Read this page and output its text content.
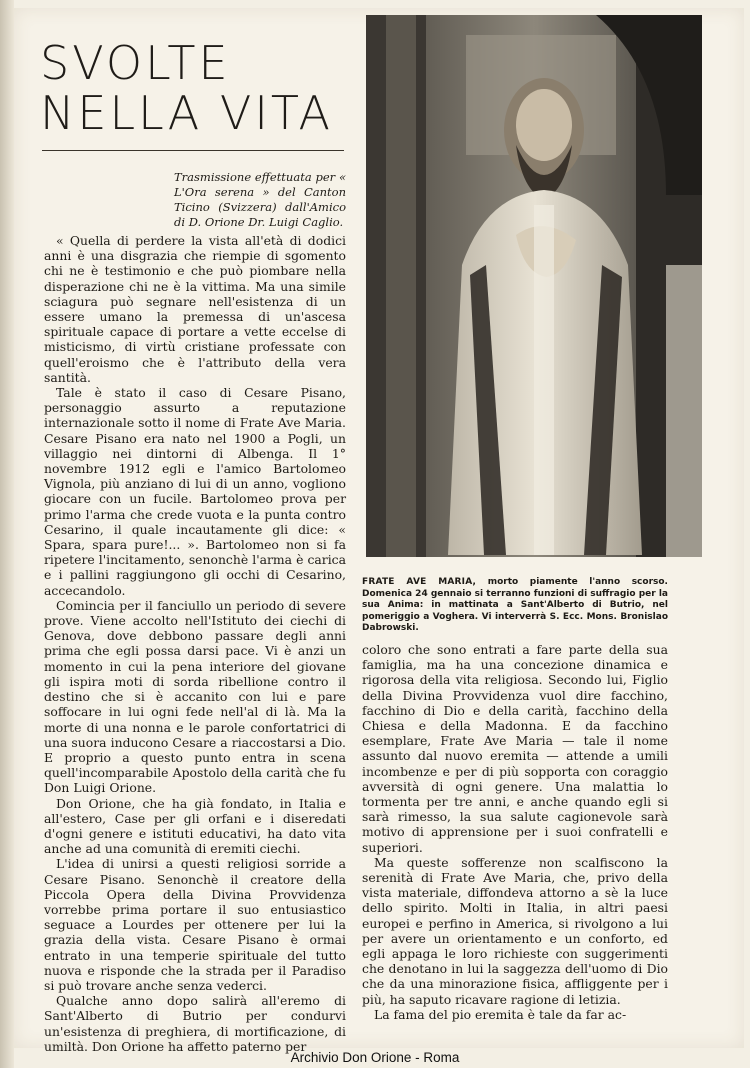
SVOLTE
NELLA VITA
Trasmissione effettuata per « L'Ora serena » del Canton Ticino (Svizzera) dall'Amico di D. Orione Dr. Luigi Caglio.

« Quella di perdere la vista all'età di dodici anni è una disgrazia che riempie di sgomento chi ne è testimonio e che può piombare nella disperazione chi ne è la vittima. Ma una simile sciagura può segnare nell'esistenza di un essere umano la premessa di un'ascesa spirituale capace di portare a vette eccelse di misticismo, di virtù cristiane professate con quell'eroismo che è l'attributo della vera santità.

Tale è stato il caso di Cesare Pisano, personaggio assurto a reputazione internazionale sotto il nome di Frate Ave Maria. Cesare Pisano era nato nel 1900 a Pogli, un villaggio nei dintorni di Albenga. Il 1° novembre 1912 egli e l'amico Bartolomeo Vignola, più anziano di lui di un anno, vogliono giocare con un fucile. Bartolomeo prova per primo l'arma che crede vuota e la punta contro Cesarino, il quale incautamente gli dice: « Spara, spara pure!... ». Bartolomeo non si fa ripetere l'incitamento, senonchè l'arma è carica e i pallini raggiungono gli occhi di Cesarino, accecandolo.

Comincia per il fanciullo un periodo di severe prove. Viene accolto nell'Istituto dei ciechi di Genova, dove debbono passare degli anni prima che egli possa darsi pace. Vi è anzi un momento in cui la pena interiore del giovane gli ispira moti di sorda ribellione contro il destino che si è accanito con lui e pare soffocare in lui ogni fede nell'al di là. Ma la morte di una nonna e le parole confortatrici di una suora inducono Cesare a riaccostarsi a Dio. E proprio a questo punto entra in scena quell'incomparabile Apostolo della carità che fu Don Luigi Orione.

Don Orione, che ha già fondato, in Italia e all'estero, Case per gli orfani e i diseredati d'ogni genere e istituti educativi, ha dato vita anche ad una comunità di eremiti ciechi.

L'idea di unirsi a questi religiosi sorride a Cesare Pisano. Senonchè il creatore della Piccola Opera della Divina Provvidenza vorrebbe prima portare il suo entusiastico seguace a Lourdes per ottenere per lui la grazia della vista. Cesare Pisano è ormai entrato in una temperie spirituale del tutto nuova e risponde che la strada per il Paradiso si può trovare anche senza vederci.

Qualche anno dopo salirà all'eremo di Sant'Alberto di Butrio per condurvi un'esistenza di preghiera, di mortificazione, di umiltà. Don Orione ha affetto paterno per

FRATE AVE MARIA, morto piamente l'anno scorso. Domenica 24 gennaio si terranno funzioni di suffragio per la sua Anima: in mattinata a Sant'Alberto di Butrio, nel pomeriggio a Voghera. Vi interverrà S. Ecc. Mons. Bronislao Dabrowski.

coloro che sono entrati a fare parte della sua famiglia, ma ha una concezione dinamica e rigorosa della vita religiosa. Secondo lui, Figlio della Divina Provvidenza vuol dire facchino, facchino di Dio e della carità, facchino della Chiesa e della Madonna. E da facchino esemplare, Frate Ave Maria — tale il nome assunto dal nuovo eremita — attende a umili incombenze e per di più sopporta con coraggio avversità di ogni genere. Una malattia lo tormenta per tre anni, e anche quando egli si sarà rimesso, la sua salute cagionevole sarà motivo di apprensione per i suoi confratelli e superiori.

Ma queste sofferenze non scalfiscono la serenità di Frate Ave Maria, che, privo della vista materiale, diffondeva attorno a sè la luce dello spirito. Molti in Italia, in altri paesi europei e perfino in America, si rivolgono a lui per avere un orientamento e un conforto, ed egli appaga le loro richieste con suggerimenti che denotano in lui la saggezza dell'uomo di Dio che da una minorazione fisica, affliggente per i più, ha saputo ricavare ragione di letizia.

La fama del pio eremita è tale da far ac-

Archivio Don Orione - Roma
